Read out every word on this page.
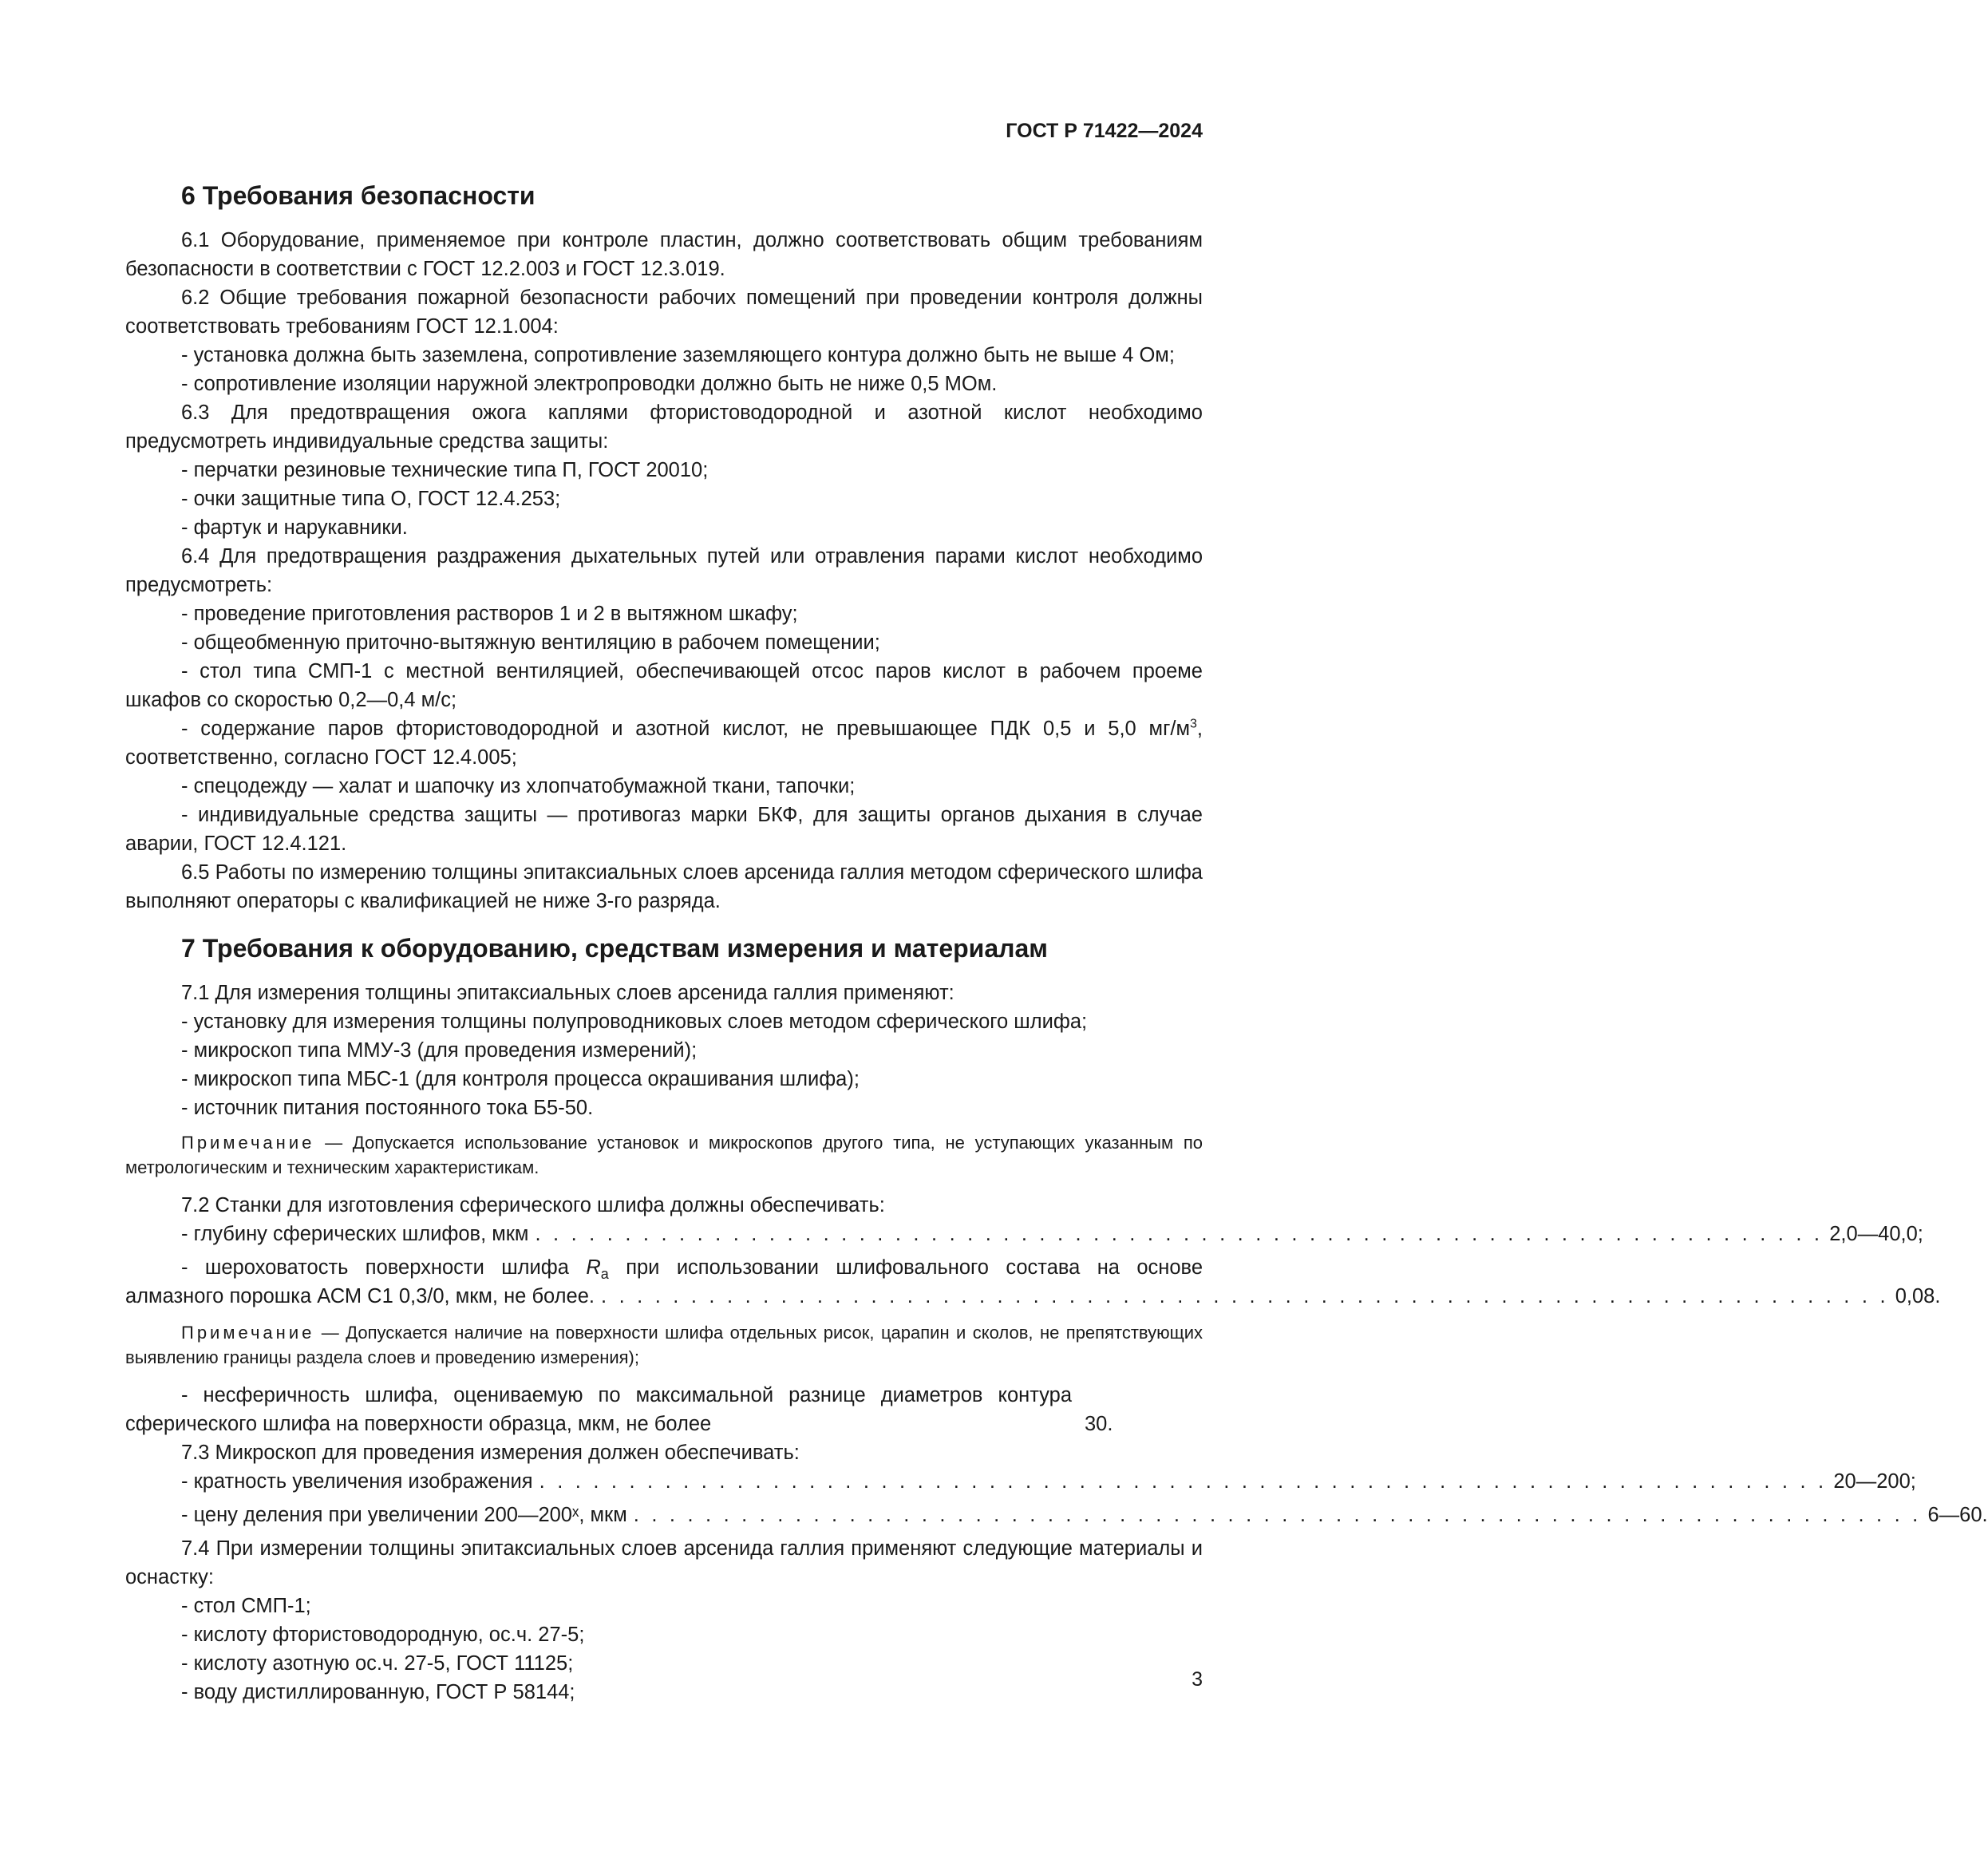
ГОСТ Р 71422—2024
6 Требования безопасности

6.1 Оборудование, применяемое при контроле пластин, должно соответствовать общим требованиям безопасности в соответствии с ГОСТ 12.2.003 и ГОСТ 12.3.019.

6.2 Общие требования пожарной безопасности рабочих помещений при проведении контроля должны соответствовать требованиям ГОСТ 12.1.004:

- установка должна быть заземлена, сопротивление заземляющего контура должно быть не выше 4 Ом;

- сопротивление изоляции наружной электропроводки должно быть не ниже 0,5 МОм.

6.3 Для предотвращения ожога каплями фтористоводородной и азотной кислот необходимо предусмотреть индивидуальные средства защиты:

- перчатки резиновые технические типа П, ГОСТ 20010;

- очки защитные типа О, ГОСТ 12.4.253;

- фартук и нарукавники.

6.4 Для предотвращения раздражения дыхательных путей или отравления парами кислот необходимо предусмотреть:

- проведение приготовления растворов 1 и 2 в вытяжном шкафу;

- общеобменную приточно-вытяжную вентиляцию в рабочем помещении;

- стол типа СМП-1 с местной вентиляцией, обеспечивающей отсос паров кислот в рабочем проеме шкафов со скоростью 0,2—0,4 м/с;

- содержание паров фтористоводородной и азотной кислот, не превышающее ПДК 0,5 и 5,0 $мг/м^3$, соответственно, согласно ГОСТ 12.4.005;

- спецодежду — халат и шапочку из хлопчатобумажной ткани, тапочки;

- индивидуальные средства защиты — противогаз марки БКФ, для защиты органов дыхания в случае аварии, ГОСТ 12.4.121.

6.5 Работы по измерению толщины эпитаксиальных слоев арсенида галлия методом сферического шлифа выполняют операторы с квалификацией не ниже 3-го разряда.

7 Требования к оборудованию, средствам измерения и материалам

7.1 Для измерения толщины эпитаксиальных слоев арсенида галлия применяют:

- установку для измерения толщины полупроводниковых слоев методом сферического шлифа;

- микроскоп типа ММУ-3 (для проведения измерений);

- микроскоп типа МБС-1 (для контроля процесса окрашивания шлифа);

- источник питания постоянного тока Б5-50.

Примечание — Допускается использование установок и микроскопов другого типа, не уступающих указанным по метрологическим и техническим характеристикам.

7.2 Станки для изготовления сферического шлифа должны обеспечивать:

- глубину сферических шлифов, мкм . . . . . . . . . . . . . . . . . . . . . . . . . . . . . . . . . . . . . . . . . . . . . . . . . . . . . . . . . . . . . . . . . . . . . . . . 2,0—40,0;

- шероховатость поверхности шлифа $R_a$ при использовании шлифовального состава на основе

алмазного порошка АСМ С1 0,3/0, мкм, не более. . . . . . . . . . . . . . . . . . . . . . . . . . . . . . . . . . . . . . . . . . . . . . . . . . . . . . . . . . . . . . . . . . . . . . . . . 0,08.

Примечание — Допускается наличие на поверхности шлифа отдельных рисок, царапин и сколов, не препятствующих выявлению границы раздела слоев и проведению измерения);

- несферичность шлифа, оцениваемую по максимальной разнице диаметров контура сферического шлифа на поверхности образца, мкм, не более	30.

7.3 Микроскоп для проведения измерения должен обеспечивать:

- кратность увеличения изображения . . . . . . . . . . . . . . . . . . . . . . . . . . . . . . . . . . . . . . . . . . . . . . . . . . . . . . . . . . . . . . . . . . . . . . . . 20—200;
- цену деления при увеличении 200—200ˣ, мкм . . . . . . . . . . . . . . . . . . . . . . . . . . . . . . . . . . . . . . . . . . . . . . . . . . . . . . . . . . . . . . . . . . . . . . . . 6—60.

7.4 При измерении толщины эпитаксиальных слоев арсенида галлия применяют следующие материалы и оснастку:

- стол СМП-1;

- кислоту фтористоводородную, ос.ч. 27-5;

- кислоту азотную ос.ч. 27-5, ГОСТ 11125;

- воду дистиллированную, ГОСТ Р 58144;

3
